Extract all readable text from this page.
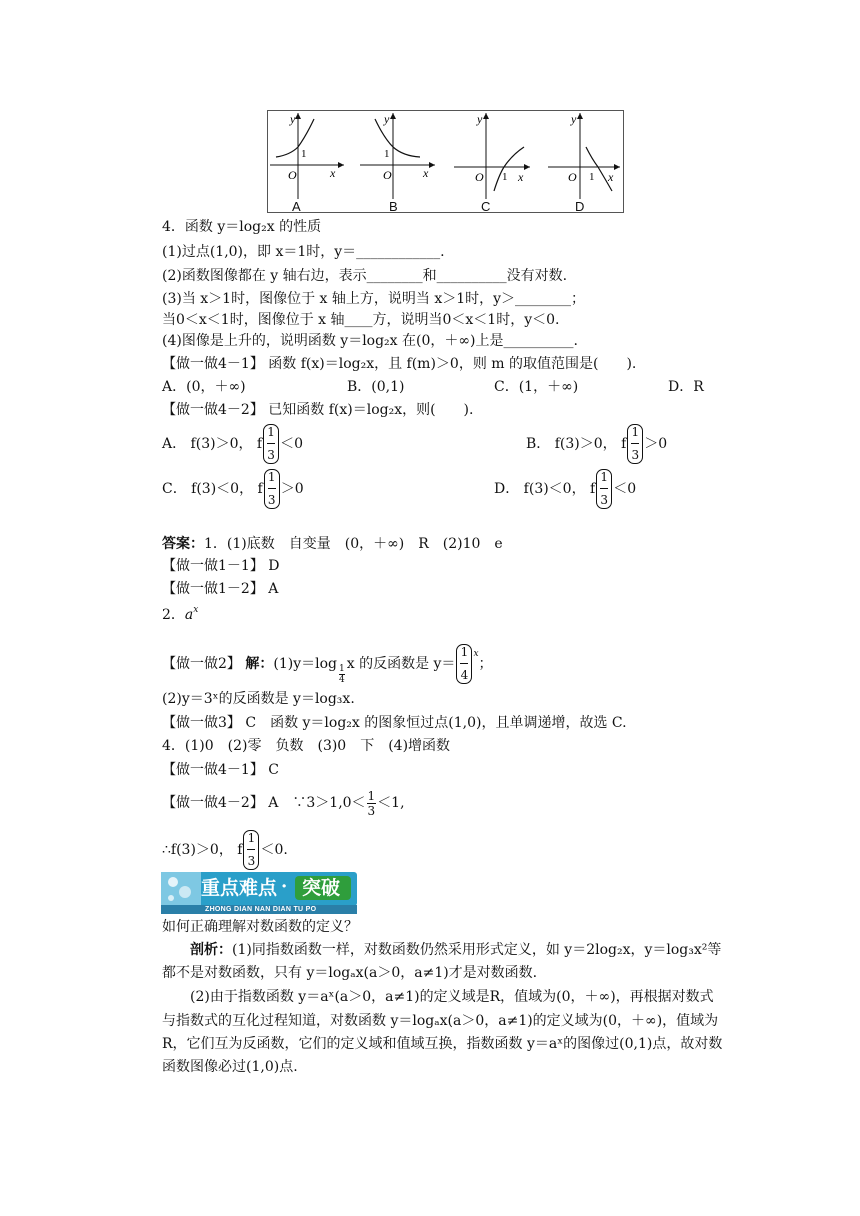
y
x
O
1
y
x
O
1
y
x
O 1
y
x
O 1
A	B	C	D
4．函数 y＝log₂x 的性质
(1)过点(1,0)，即 x＝1时，y＝____________.
(2)函数图像都在 y 轴右边，表示________和__________没有对数.
(3)当 x＞1时，图像位于 x 轴上方，说明当 x＞1时，y＞________；
当0＜x＜1时，图像位于 x 轴____方，说明当0＜x＜1时，y＜0.
(4)图像是上升的，说明函数 y＝log₂x 在(0，＋∞)上是__________.
【做一做4－1】 函数 f(x)＝log₂x，且 f(m)＞0，则 m 的取值范围是(　　).
A．(0，＋∞)	B．(0,1)	C．(1，＋∞)	D．R
【做一做4－2】 已知函数 f(x)＝log₂x，则(　　).
A． f(3)＞0， f $\frac{1}{3} <0$	B． f(3)＞0， f $\frac{1}{3} >0$
C． f(3)＜0， f $\frac{1}{3} >0$	D． f(3)＜0， f $\frac{1}{3} <0$
答案：1．(1)底数　自变量　(0，＋∞)　R　(2)10　e
【做一做1－1】 D
【做一做1－2】 A
2．$a^x$
【做一做2】 解：$(1)y=\log \frac{1}{4}$ x 的反函数是 $y= \frac{1}{4} ^x$；
(2)y＝3ˣ的反函数是 y＝log₃x.
【做一做3】 C　函数 y＝log₂x 的图象恒过点(1,0)，且单调递增，故选 C.
4．(1)0　(2)零　负数　(3)0　下　(4)增函数
【做一做4－1】 C
【做一做4－2】 A　∵3＞1,0＜ $\frac{1}{3} <1$,
∴f(3)＞0， f $\frac{1}{3} <0$.
重点难点 · 突破
ZHONG DIAN NAN DIAN TU PO
如何正确理解对数函数的定义？
剖析：(1)同指数函数一样，对数函数仍然采用形式定义，如 y＝2log₂x，y＝log₃x²等
都不是对数函数，只有 y＝logₐx(a＞0，a≠1)才是对数函数.
(2)由于指数函数 y＝aˣ(a＞0，a≠1)的定义域是R，值域为(0，＋∞)，再根据对数式
与指数式的互化过程知道，对数函数 y＝logₐx(a＞0，a≠1)的定义域为(0，＋∞)，值域为
R，它们互为反函数，它们的定义域和值域互换，指数函数 y＝aˣ的图像过(0,1)点，故对数
函数图像必过(1,0)点.
